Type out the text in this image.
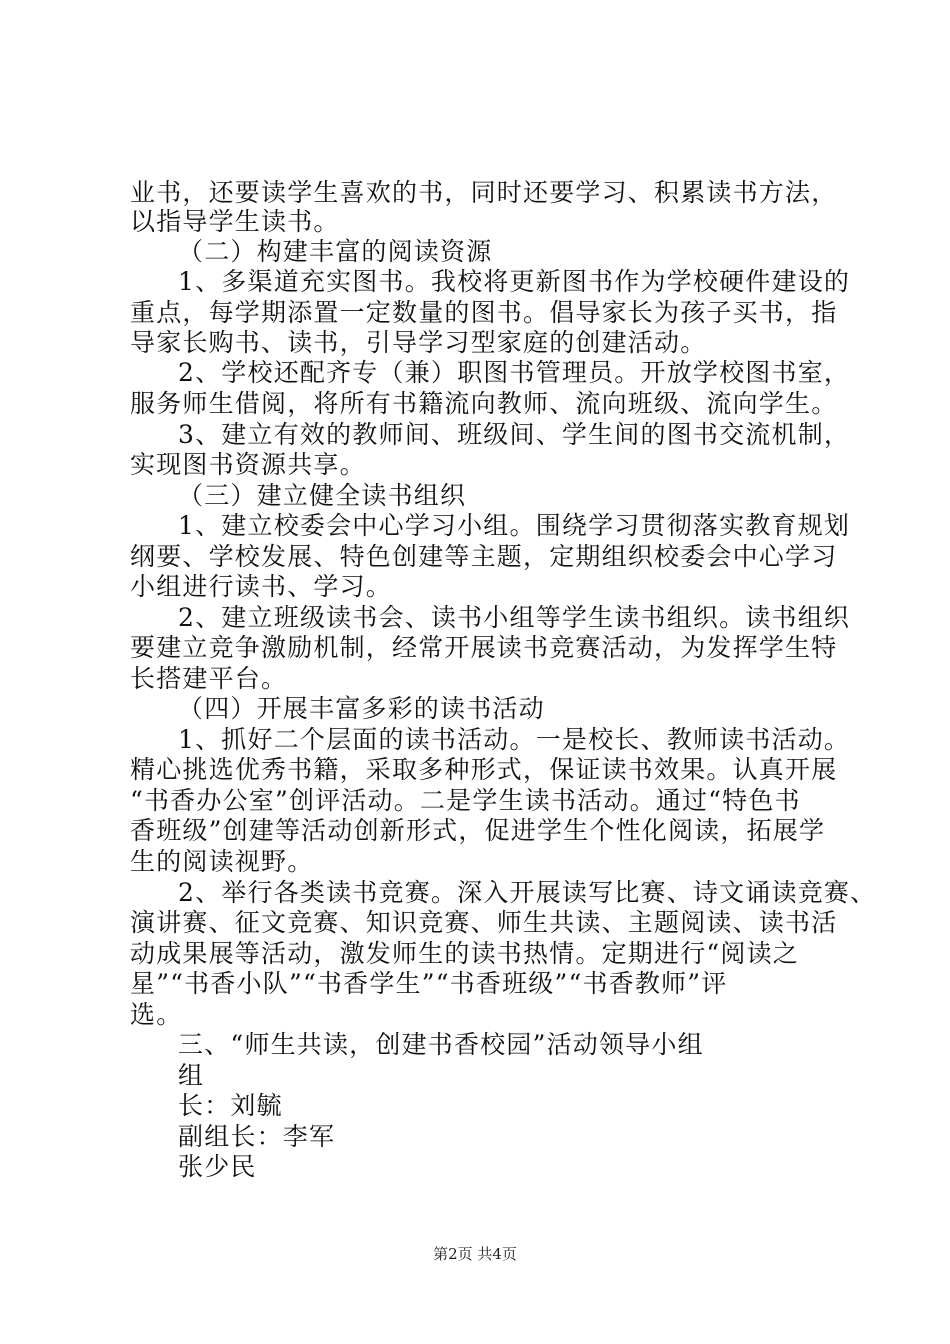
业书，还要读学生喜欢的书，同时还要学习、积累读书方法，
以指导学生读书。
（二）构建丰富的阅读资源
1、多渠道充实图书。我校将更新图书作为学校硬件建设的
重点，每学期添置一定数量的图书。倡导家长为孩子买书，指
导家长购书、读书，引导学习型家庭的创建活动。
2、学校还配齐专（兼）职图书管理员。开放学校图书室，
服务师生借阅，将所有书籍流向教师、流向班级、流向学生。
3、建立有效的教师间、班级间、学生间的图书交流机制，
实现图书资源共享。
（三）建立健全读书组织
1、建立校委会中心学习小组。围绕学习贯彻落实教育规划
纲要、学校发展、特色创建等主题，定期组织校委会中心学习
小组进行读书、学习。
2、建立班级读书会、读书小组等学生读书组织。读书组织
要建立竞争激励机制，经常开展读书竞赛活动，为发挥学生特
长搭建平台。
（四）开展丰富多彩的读书活动
1、抓好二个层面的读书活动。一是校长、教师读书活动。
精心挑选优秀书籍，采取多种形式，保证读书效果。认真开展
“书香办公室”创评活动。二是学生读书活动。通过“特色书
香班级”创建等活动创新形式，促进学生个性化阅读，拓展学
生的阅读视野。
2、举行各类读书竞赛。深入开展读写比赛、诗文诵读竞赛、
演讲赛、征文竞赛、知识竞赛、师生共读、主题阅读、读书活
动成果展等活动，激发师生的读书热情。定期进行“阅读之
星”“书香小队”“书香学生”“书香班级”“书香教师”评
选。
三、“师生共读，创建书香校园”活动领导小组
组
长：刘毓
副组长：李军
张少民
第2页 共4页
